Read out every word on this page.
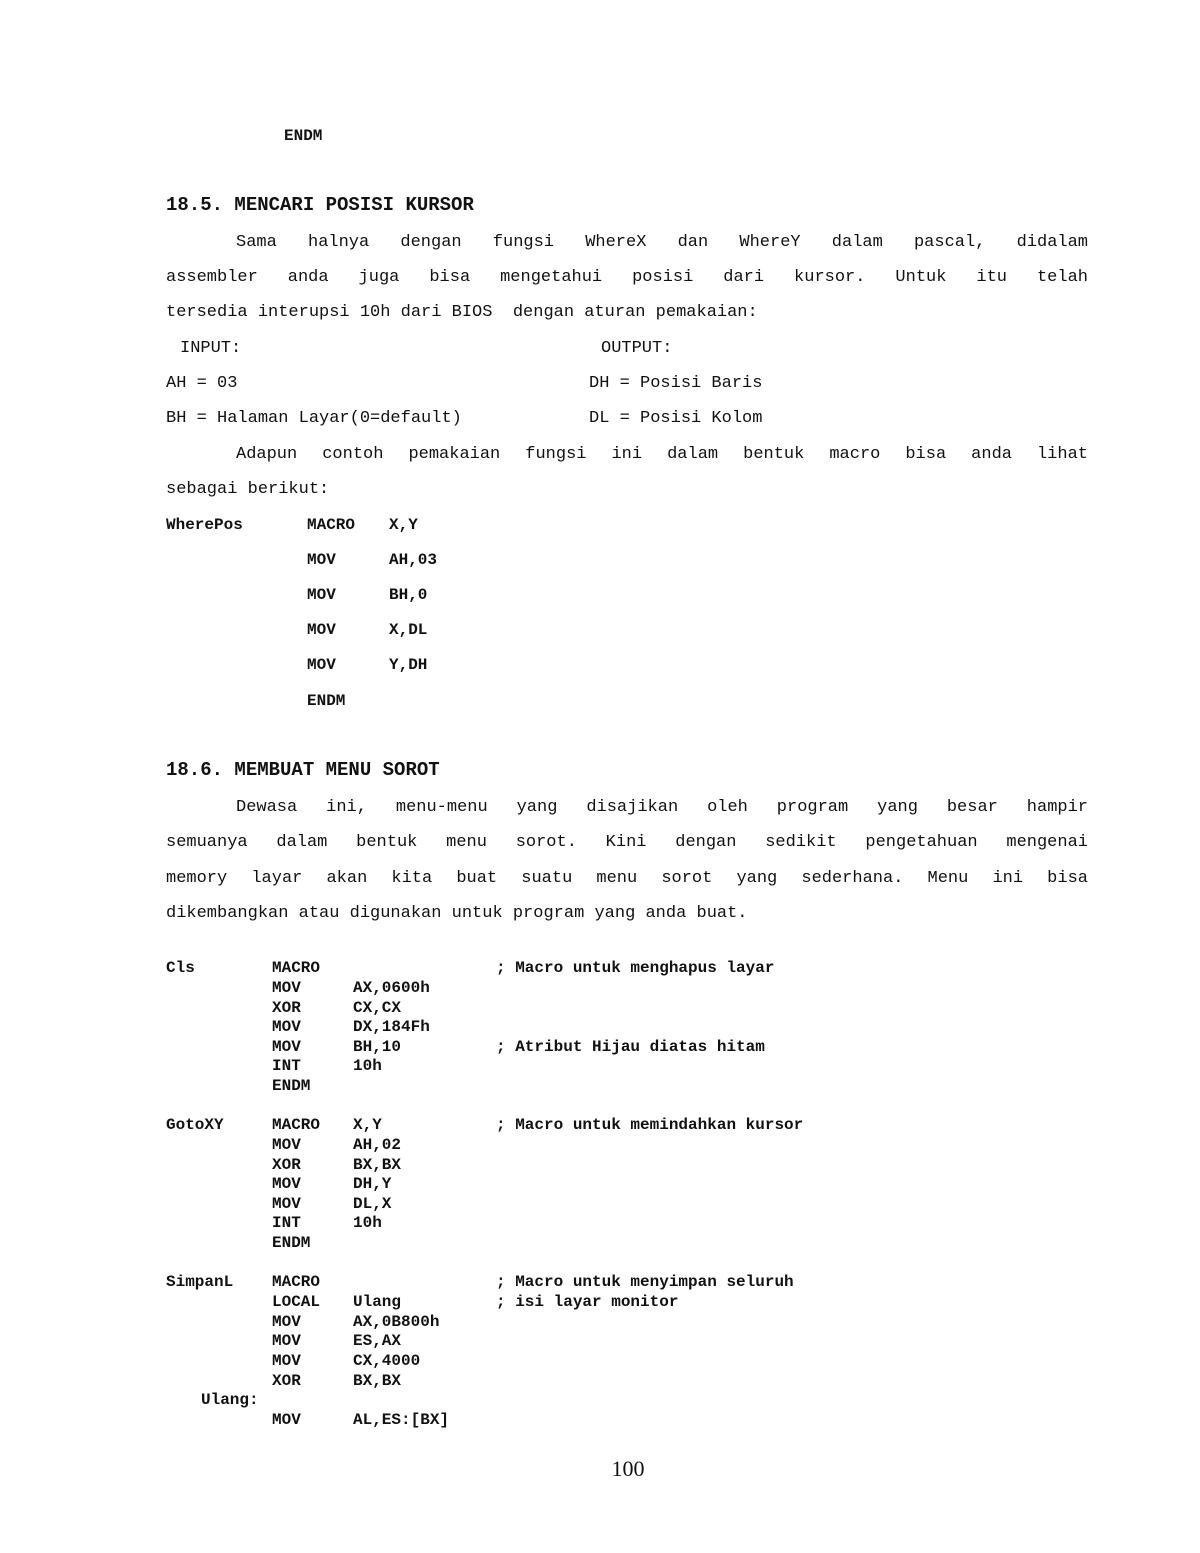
ENDM
18.5. MENCARI POSISI KURSOR
Sama halnya dengan fungsi WhereX dan WhereY dalam pascal, didalam
assembler anda juga bisa mengetahui posisi dari kursor. Untuk itu telah
tersedia interupsi 10h dari BIOS  dengan aturan pemakaian:
INPUT:	OUTPUT:
AH = 03	DH = Posisi Baris
BH = Halaman Layar(0=default)	DL = Posisi Kolom
Adapun contoh pemakaian fungsi ini dalam bentuk macro bisa anda lihat
sebagai berikut:
WherePos	MACRO X,Y
MOV	AH,03
MOV	BH,0
MOV	X,DL
MOV	Y,DH
ENDM
18.6. MEMBUAT MENU SOROT
Dewasa ini, menu-menu yang disajikan oleh program yang besar hampir
semuanya dalam bentuk menu sorot. Kini dengan sedikit pengetahuan mengenai
memory layar akan kita buat suatu menu sorot yang sederhana. Menu ini bisa
dikembangkan atau digunakan untuk program yang anda buat.
Cls	MACRO	; Macro untuk menghapus layar
MOV	AX,0600h
XOR	CX,CX
MOV	DX,184Fh
MOV	BH,10	; Atribut Hijau diatas hitam
INT	10h
ENDM
GotoXY	MACRO X,Y	; Macro untuk memindahkan kursor
MOV	AH,02
XOR	BX,BX
MOV	DH,Y
MOV	DL,X
INT	10h
ENDM
SimpanL MACRO	; Macro untuk menyimpan seluruh
LOCAL Ulang	; isi layar monitor
MOV	AX,0B800h
MOV	ES,AX
MOV	CX,4000
XOR	BX,BX
Ulang:
MOV	AL,ES:[BX]
100
